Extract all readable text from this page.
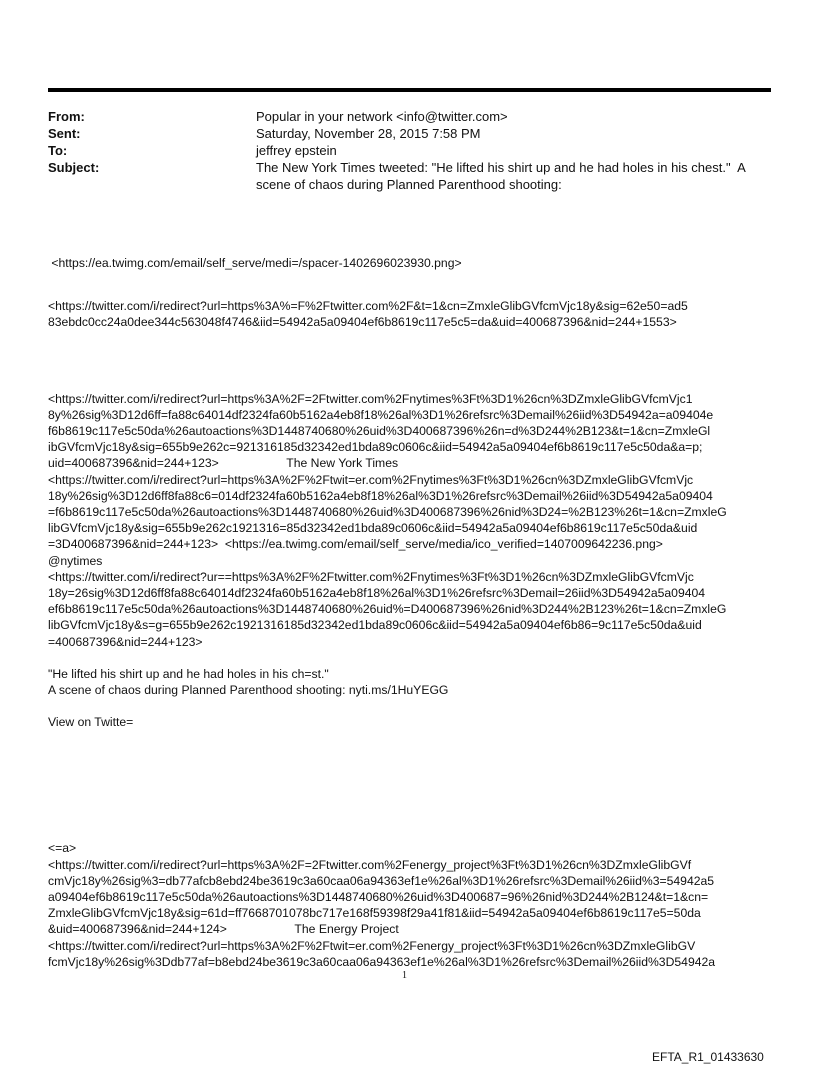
From:	Popular in your network <info@twitter.com>
Sent:	Saturday, November 28, 2015 7:58 PM
To:	jeffrey epstein
Subject:	The New York Times tweeted: "He lifted his shirt up and he had holes in his chest."  A
scene of chaos during Planned Parenthood shooting:
<https://ea.twimg.com/email/self_serve/medi=/spacer-1402696023930.png>
<https://twitter.com/i/redirect?url=https%3A%=F%2Ftwitter.com%2F&t=1&cn=ZmxleGlibGVfcmVjc18y&sig=62e50=ad5
83ebdc0cc24a0dee344c563048f4746&iid=54942a5a09404ef6b8619c117e5c5=da&uid=400687396&nid=244+1553>
<https://twitter.com/i/redirect?url=https%3A%2F=2Ftwitter.com%2Fnytimes%3Ft%3D1%26cn%3DZmxleGlibGVfcmVjc1
8y%26sig%3D12d6ff=fa88c64014df2324fa60b5162a4eb8f18%26al%3D1%26refsrc%3Demail%26iid%3D54942a=a09404e
f6b8619c117e5c50da%26autoactions%3D1448740680%26uid%3D400687396%26n=d%3D244%2B123&t=1&cn=ZmxleGl
ibGVfcmVjc18y&sig=655b9e262c=921316185d32342ed1bda89c0606c&iid=54942a5a09404ef6b8619c117e5c50da&a=p;
uid=400687396&nid=244+123>                    The New York Times
<https://twitter.com/i/redirect?url=https%3A%2F%2Ftwit=er.com%2Fnytimes%3Ft%3D1%26cn%3DZmxleGlibGVfcmVjc
18y%26sig%3D12d6ff8fa88c6=014df2324fa60b5162a4eb8f18%26al%3D1%26refsrc%3Demail%26iid%3D54942a5a09404
=f6b8619c117e5c50da%26autoactions%3D1448740680%26uid%3D400687396%26nid%3D24=%2B123%26t=1&cn=ZmxleG
libGVfcmVjc18y&sig=655b9e262c1921316=85d32342ed1bda89c0606c&iid=54942a5a09404ef6b8619c117e5c50da&uid
=3D400687396&nid=244+123>  <https://ea.twimg.com/email/self_serve/media/ico_verified=1407009642236.png>
@nytimes
<https://twitter.com/i/redirect?ur==https%3A%2F%2Ftwitter.com%2Fnytimes%3Ft%3D1%26cn%3DZmxleGlibGVfcmVjc
18y=26sig%3D12d6ff8fa88c64014df2324fa60b5162a4eb8f18%26al%3D1%26refsrc%3Demail=26iid%3D54942a5a09404
ef6b8619c117e5c50da%26autoactions%3D1448740680%26uid%=D400687396%26nid%3D244%2B123%26t=1&cn=ZmxleG
libGVfcmVjc18y&s=g=655b9e262c1921316185d32342ed1bda89c0606c&iid=54942a5a09404ef6b86=9c117e5c50da&uid
=400687396&nid=244+123>
"He lifted his shirt up and he had holes in his ch=st."
A scene of chaos during Planned Parenthood shooting: nyti.ms/1HuYEGG
View on Twitte=
<=a>
<https://twitter.com/i/redirect?url=https%3A%2F=2Ftwitter.com%2Fenergy_project%3Ft%3D1%26cn%3DZmxleGlibGVf
cmVjc18y%26sig%3=db77afcb8ebd24be3619c3a60caa06a94363ef1e%26al%3D1%26refsrc%3Demail%26iid%3=54942a5
a09404ef6b8619c117e5c50da%26autoactions%3D1448740680%26uid%3D400687=96%26nid%3D244%2B124&t=1&cn=
ZmxleGlibGVfcmVjc18y&sig=61d=ff7668701078bc717e168f59398f29a41f81&iid=54942a5a09404ef6b8619c117e5=50da
&uid=400687396&nid=244+124>                    The Energy Project
<https://twitter.com/i/redirect?url=https%3A%2F%2Ftwit=er.com%2Fenergy_project%3Ft%3D1%26cn%3DZmxleGlibGV
fcmVjc18y%26sig%3Ddb77af=b8ebd24be3619c3a60caa06a94363ef1e%26al%3D1%26refsrc%3Demail%26iid%3D54942a
1
EFTA_R1_01433630
